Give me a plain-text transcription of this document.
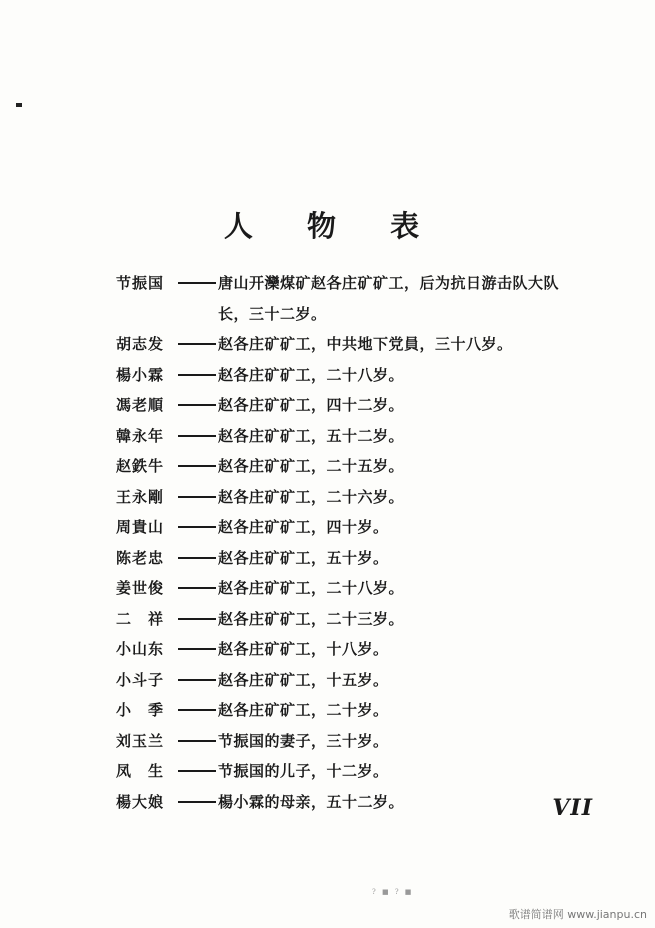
人 物 表
节振国	唐山开灤煤矿赵各庄矿矿工，后为抗日游击队大队
长，三十二岁。
胡志发	赵各庄矿矿工，中共地下党員，三十八岁。
楊小霖	赵各庄矿矿工，二十八岁。
馮老順	赵各庄矿矿工，四十二岁。
韓永年	赵各庄矿矿工，五十二岁。
赵鉄牛	赵各庄矿矿工，二十五岁。
王永剛	赵各庄矿矿工，二十六岁。
周貴山	赵各庄矿矿工，四十岁。
陈老忠	赵各庄矿矿工，五十岁。
姜世俊	赵各庄矿矿工，二十八岁。
二　祥	赵各庄矿矿工，二十三岁。
小山东	赵各庄矿矿工，十八岁。
小斗子	赵各庄矿矿工，十五岁。
小　季	赵各庄矿矿工，二十岁。
刘玉兰	节振国的妻子，三十岁。
凤　生	节振国的儿子，十二岁。
楊大娘	楊小霖的母亲，五十二岁。	VII
? ■ ? ■
歌谱简谱网 www.jianpu.cn
